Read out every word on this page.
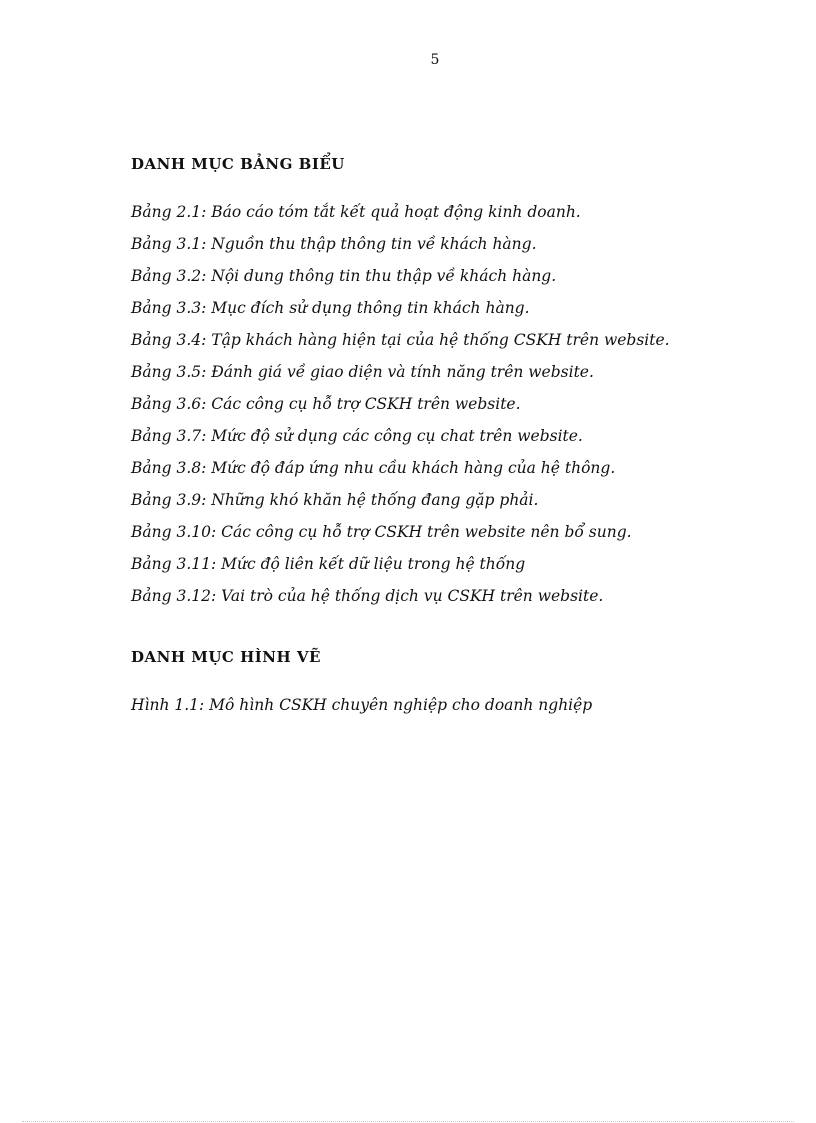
5
DANH MỤC BẢNG BIỂU
Bảng 2.1: Báo cáo tóm tắt kết quả hoạt động kinh doanh.
Bảng 3.1: Nguồn thu thập thông tin về khách hàng.
Bảng 3.2: Nội dung thông tin thu thập về khách hàng.
Bảng 3.3: Mục đích sử dụng thông tin khách hàng.
Bảng 3.4: Tập khách hàng hiện tại của hệ thống CSKH trên website.
Bảng 3.5: Đánh giá về giao diện và tính năng trên website.
Bảng 3.6: Các công cụ hỗ trợ CSKH trên website.
Bảng 3.7: Mức độ sử dụng các công cụ chat trên website.
Bảng 3.8: Mức độ đáp ứng nhu cầu khách hàng của hệ thông.
Bảng 3.9: Những khó khăn hệ thống đang gặp phải.
Bảng 3.10: Các công cụ hỗ trợ CSKH trên website nên bổ sung.
Bảng 3.11: Mức độ liên kết dữ liệu trong hệ thống
Bảng 3.12: Vai trò của hệ thống dịch vụ CSKH trên website.
DANH MỤC HÌNH VẼ
Hình 1.1: Mô hình CSKH chuyên nghiệp cho doanh nghiệp
